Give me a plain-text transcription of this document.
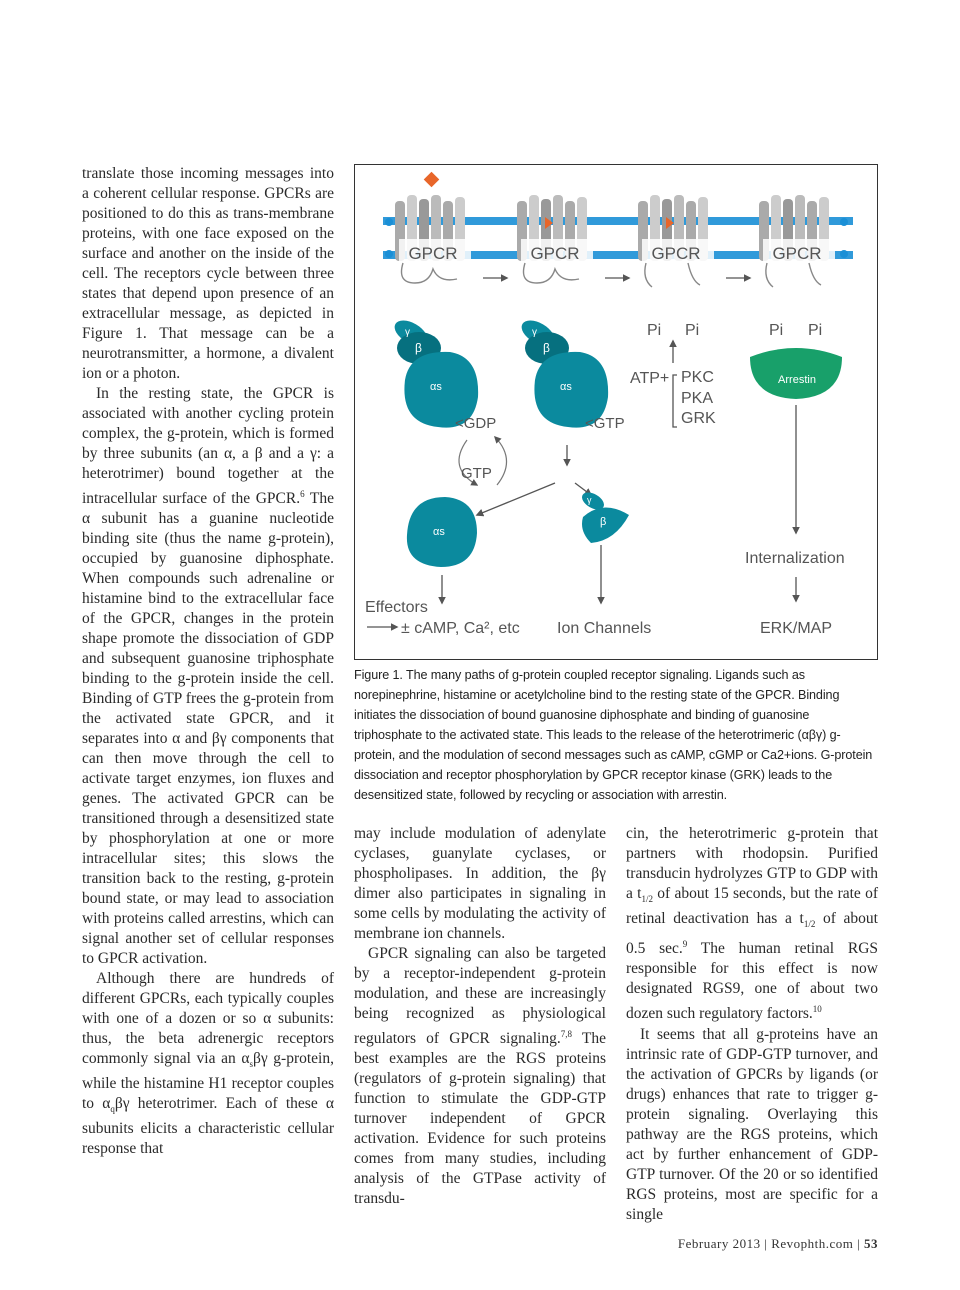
translate those incoming messages into a coherent cellular response. GPCRs are positioned to do this as trans-membrane proteins, with one face exposed on the surface and another on the inside of the cell. The receptors cycle between three states that depend upon presence of an extracellular message, as depicted in Figure 1. That message can be a neurotransmitter, a hormone, a divalent ion or a photon.

In the resting state, the GPCR is associated with another cycling protein complex, the g-protein, which is formed by three subunits (an α, a β and a γ: a heterotrimer) bound together at the intracellular surface of the GPCR.$^6$ The α subunit has a guanine nucleotide binding site (thus the name g-protein), occupied by guanosine diphosphate. When compounds such adrenaline or histamine bind to the extracellular face of the GPCR, changes in the protein shape promote the dissociation of GDP and subsequent guanosine triphosphate binding to the g-protein inside the cell. Binding of GTP frees the g-protein from the activated state GPCR, and it separates into α and βγ components that can then move through the cell to activate target enzymes, ion fluxes and genes. The activated GPCR can be transitioned through a desensitized state by phosphorylation at one or more intracellular sites; this slows the transition back to the resting, g-protein bound state, or may lead to association with proteins called arrestins, which can signal another set of cellular responses to GPCR activation.

Although there are hundreds of different GPCRs, each typically couples with one of a dozen or so α subunits: thus, the beta adrenergic receptors commonly signal via an $\alpha_s\beta\gamma$ g-protein, while the histamine H1 receptor couples to $\alpha_q\beta\gamma$ heterotrimer. Each of these α subunits elicits a characteristic cellular response that

GPCR	GPCR	GPCR	GPCR
Pi Pi	Pi Pi
γ
β
αs
γ
β
αs
<GDP	<GTP
GTP
ATP+ PKC
PKA
GRK
Arrestin
Internalization
ERK/MAP
αs
γ
β
Effectors
± cAMP, Ca², etc Ion Channels
Figure 1. The many paths of g-protein coupled receptor signaling. Ligands such as norepinephrine, histamine or acetylcholine bind to the resting state of the GPCR. Binding initiates the dissociation of bound guanosine diphosphate and binding of guanosine triphosphate to the activated state. This leads to the release of the heterotrimeric (αβγ) g-protein, and the modulation of second messages such as cAMP, cGMP or Ca2+ions. G-protein dissociation and receptor phosphorylation by GPCR receptor kinase (GRK) leads to the desensitized state, followed by recycling or association with arrestin.

may include modulation of adenylate cyclases, guanylate cyclases, or phospholipases. In addition, the βγ dimer also participates in signaling in some cells by modulating the activity of membrane ion channels.

GPCR signaling can also be targeted by a receptor-independent g-protein modulation, and these are increasingly being recognized as physiological regulators of GPCR signaling.$^{7,8}$ The best examples are the RGS proteins (regulators of g-protein signaling) that function to stimulate the GDP-GTP turnover independent of GPCR activation. Evidence for such proteins comes from many studies, including analysis of the GTPase activity of transdu-

cin, the heterotrimeric g-protein that partners with rhodopsin. Purified transducin hydrolyzes GTP to GDP with a $t_{1/2}$ of about 15 seconds, but the rate of retinal deactivation has a $t_{1/2}$ of about 0.5 sec.$^9$ The human retinal RGS responsible for this effect is now designated RGS9, one of about two dozen such regulatory factors.$^{10}$

It seems that all g-proteins have an intrinsic rate of GDP-GTP turnover, and the activation of GPCRs by ligands (or drugs) enhances that rate to trigger g-protein signaling. Overlaying this pathway are the RGS proteins, which act by further enhancement of GDP-GTP turnover. Of the 20 or so identified RGS proteins, most are specific for a single

February 2013 | Revophth.com | 53
